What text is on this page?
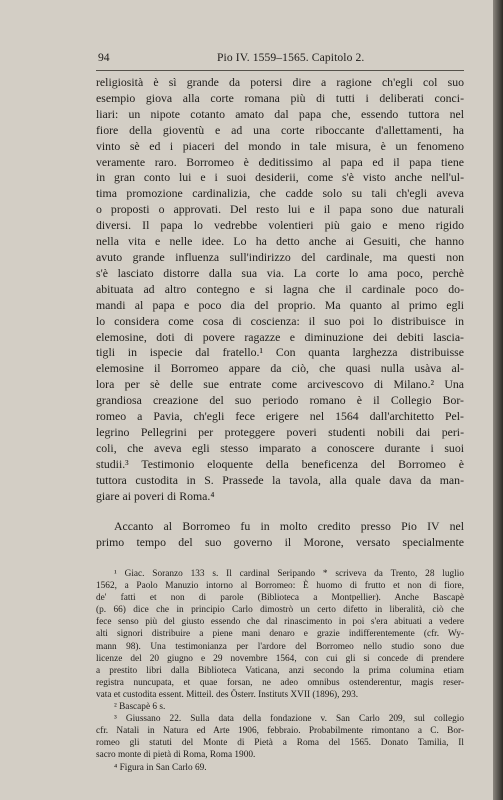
94	Pio IV. 1559–1565. Capitolo 2.
religiosità è sì grande da potersi dire a ragione ch'egli col suo
esempio giova alla corte romana più di tutti i deliberati conci-
liari: un nipote cotanto amato dal papa che, essendo tuttora nel
fiore della gioventù e ad una corte riboccante d'allettamenti, ha
vinto sè ed i piaceri del mondo in tale misura, è un fenomeno
veramente raro. Borromeo è deditissimo al papa ed il papa tiene
in gran conto lui e i suoi desiderii, come s'è visto anche nell'ul-
tima promozione cardinalizia, che cadde solo su tali ch'egli aveva
o proposti o approvati. Del resto lui e il papa sono due naturali
diversi. Il papa lo vedrebbe volentieri più gaio e meno rigido
nella vita e nelle idee. Lo ha detto anche ai Gesuiti, che hanno
avuto grande influenza sull'indirizzo del cardinale, ma questi non
s'è lasciato distorre dalla sua via. La corte lo ama poco, perchè
abituata ad altro contegno e si lagna che il cardinale poco do-
mandi al papa e poco dia del proprio. Ma quanto al primo egli
lo considera come cosa di coscienza: il suo poi lo distribuisce in
elemosine, doti di povere ragazze e diminuzione dei debiti lascia-
tigli in ispecie dal fratello.¹ Con quanta larghezza distribuisse
elemosine il Borromeo appare da ciò, che quasi nulla usàva al-
lora per sè delle sue entrate come arcivescovo di Milano.² Una
grandiosa creazione del suo periodo romano è il Collegio Bor-
romeo a Pavia, ch'egli fece erigere nel 1564 dall'architetto Pel-
legrino Pellegrini per proteggere poveri studenti nobili dai peri-
coli, che aveva egli stesso imparato a conoscere durante i suoi
studii.³ Testimonio eloquente della beneficenza del Borromeo è
tuttora custodita in S. Prassede la tavola, alla quale dava da man-
giare ai poveri di Roma.⁴
Accanto al Borromeo fu in molto credito presso Pio IV nel
primo tempo del suo governo il Morone, versato specialmente
¹ Giac. Soranzo 133 s. Il cardinal Seripando * scriveva da Trento, 28 luglio
1562, a Paolo Manuzio intorno al Borromeo: È huomo di frutto et non di fiore,
de' fatti et non di parole (Biblioteca a Montpellier). Anche Bascapè
(p. 66) dice che in principio Carlo dimostrò un certo difetto in liberalità, ciò che
fece senso più del giusto essendo che dal rinascimento in poi s'era abituati a vedere
alti signori distribuire a piene mani denaro e grazie indifferentemente (cfr. Wy-
mann 98). Una testimonianza per l'ardore del Borromeo nello studio sono due
licenze del 20 giugno e 29 novembre 1564, con cui gli si concede di prendere
a prestito libri dalla Biblioteca Vaticana, anzi secondo la prima columina etiam
registra nuncupata, et quae forsan, ne adeo omnibus ostenderentur, magis reser-
vata et custodita essent. Mitteil. des Österr. Instituts XVII (1896), 293.
² Bascapè 6 s.
³ Giussano 22. Sulla data della fondazione v. San Carlo 209, sul collegio
cfr. Natali in Natura ed Arte 1906, febbraio. Probabilmente rimontano a C. Bor-
romeo gli statuti del Monte di Pietà a Roma del 1565. Donato Tamilia, Il
sacro monte di pietà di Roma, Roma 1900.
⁴ Figura in San Carlo 69.
